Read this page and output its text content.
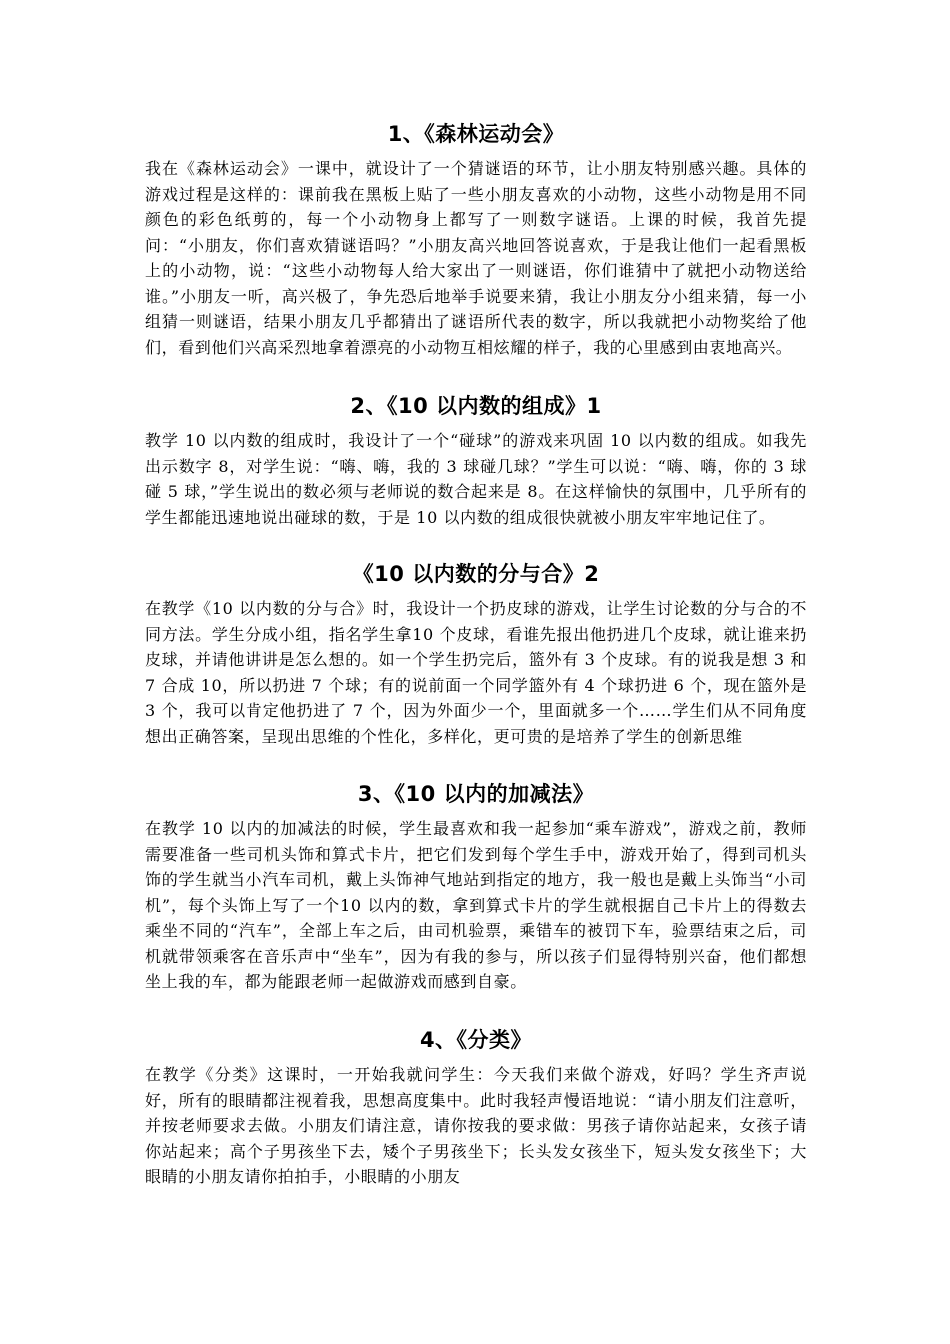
1、《森林运动会》

我在《森林运动会》一课中，就设计了一个猜谜语的环节，让小朋友特别感兴趣。具体的游戏过程是这样的：课前我在黑板上贴了一些小朋友喜欢的小动物，这些小动物是用不同颜色的彩色纸剪的，每一个小动物身上都写了一则数字谜语。上课的时候，我首先提问：“小朋友，你们喜欢猜谜语吗？”小朋友高兴地回答说喜欢，于是我让他们一起看黑板上的小动物，说：“这些小动物每人给大家出了一则谜语，你们谁猜中了就把小动物送给谁。”小朋友一听，高兴极了，争先恐后地举手说要来猜，我让小朋友分小组来猜，每一小组猜一则谜语，结果小朋友几乎都猜出了谜语所代表的数字，所以我就把小动物奖给了他们，看到他们兴高采烈地拿着漂亮的小动物互相炫耀的样子，我的心里感到由衷地高兴。

2、《10 以内数的组成》1

教学 10 以内数的组成时，我设计了一个“碰球”的游戏来巩固 10 以内数的组成。如我先出示数字 8，对学生说：“嗨、嗨，我的 3 球碰几球？”学生可以说：“嗨、嗨，你的 3 球碰 5 球，”学生说出的数必须与老师说的数合起来是 8。在这样愉快的氛围中，几乎所有的学生都能迅速地说出碰球的数，于是 10 以内数的组成很快就被小朋友牢牢地记住了。

《10 以内数的分与合》2

在教学《10 以内数的分与合》时，我设计一个扔皮球的游戏，让学生讨论数的分与合的不同方法。学生分成小组，指名学生拿10 个皮球，看谁先报出他扔进几个皮球，就让谁来扔皮球，并请他讲讲是怎么想的。如一个学生扔完后，篮外有 3 个皮球。有的说我是想 3 和 7 合成 10，所以扔进 7 个球；有的说前面一个同学篮外有 4 个球扔进 6 个，现在篮外是 3 个，我可以肯定他扔进了 7 个，因为外面少一个，里面就多一个……学生们从不同角度想出正确答案，呈现出思维的个性化，多样化，更可贵的是培养了学生的创新思维

3、《10 以内的加减法》

在教学 10 以内的加减法的时候，学生最喜欢和我一起参加“乘车游戏”，游戏之前，教师需要准备一些司机头饰和算式卡片，把它们发到每个学生手中，游戏开始了，得到司机头饰的学生就当小汽车司机，戴上头饰神气地站到指定的地方，我一般也是戴上头饰当“小司机”，每个头饰上写了一个10 以内的数，拿到算式卡片的学生就根据自己卡片上的得数去乘坐不同的“汽车”，全部上车之后，由司机验票，乘错车的被罚下车，验票结束之后，司机就带领乘客在音乐声中“坐车”，因为有我的参与，所以孩子们显得特别兴奋，他们都想坐上我的车，都为能跟老师一起做游戏而感到自豪。

4、《分类》

在教学《分类》这课时，一开始我就问学生：今天我们来做个游戏，好吗？学生齐声说好，所有的眼睛都注视着我，思想高度集中。此时我轻声慢语地说：“请小朋友们注意听，并按老师要求去做。小朋友们请注意，请你按我的要求做：男孩子请你站起来，女孩子请你站起来；高个子男孩坐下去，矮个子男孩坐下；长头发女孩坐下，短头发女孩坐下；大眼睛的小朋友请你拍拍手，小眼睛的小朋友
